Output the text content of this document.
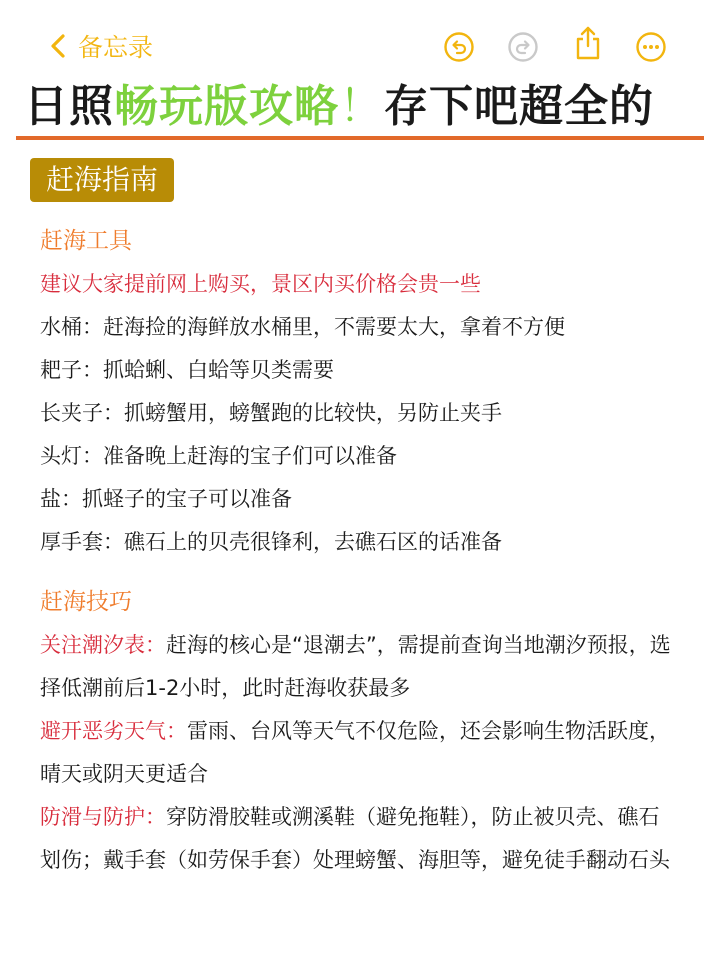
备忘录
日照畅玩版攻略！存下吧超全的
赶海指南
赶海工具
建议大家提前网上购买，景区内买价格会贵一些
水桶：赶海捡的海鲜放水桶里，不需要太大，拿着不方便
耙子：抓蛤蜊、白蛤等贝类需要
长夹子：抓螃蟹用，螃蟹跑的比较快，另防止夹手
头灯：准备晚上赶海的宝子们可以准备
盐：抓蛏子的宝子可以准备
厚手套：礁石上的贝壳很锋利，去礁石区的话准备
赶海技巧
关注潮汐表：赶海的核心是“退潮去”，需提前查询当地潮汐预报，选择低潮前后1-2小时，此时赶海收获最多
避开恶劣天气：雷雨、台风等天气不仅危险，还会影响生物活跃度，晴天或阴天更适合
防滑与防护：穿防滑胶鞋或溯溪鞋（避免拖鞋），防止被贝壳、礁石划伤；戴手套（如劳保手套）处理螃蟹、海胆等，避免徒手翻动石头
